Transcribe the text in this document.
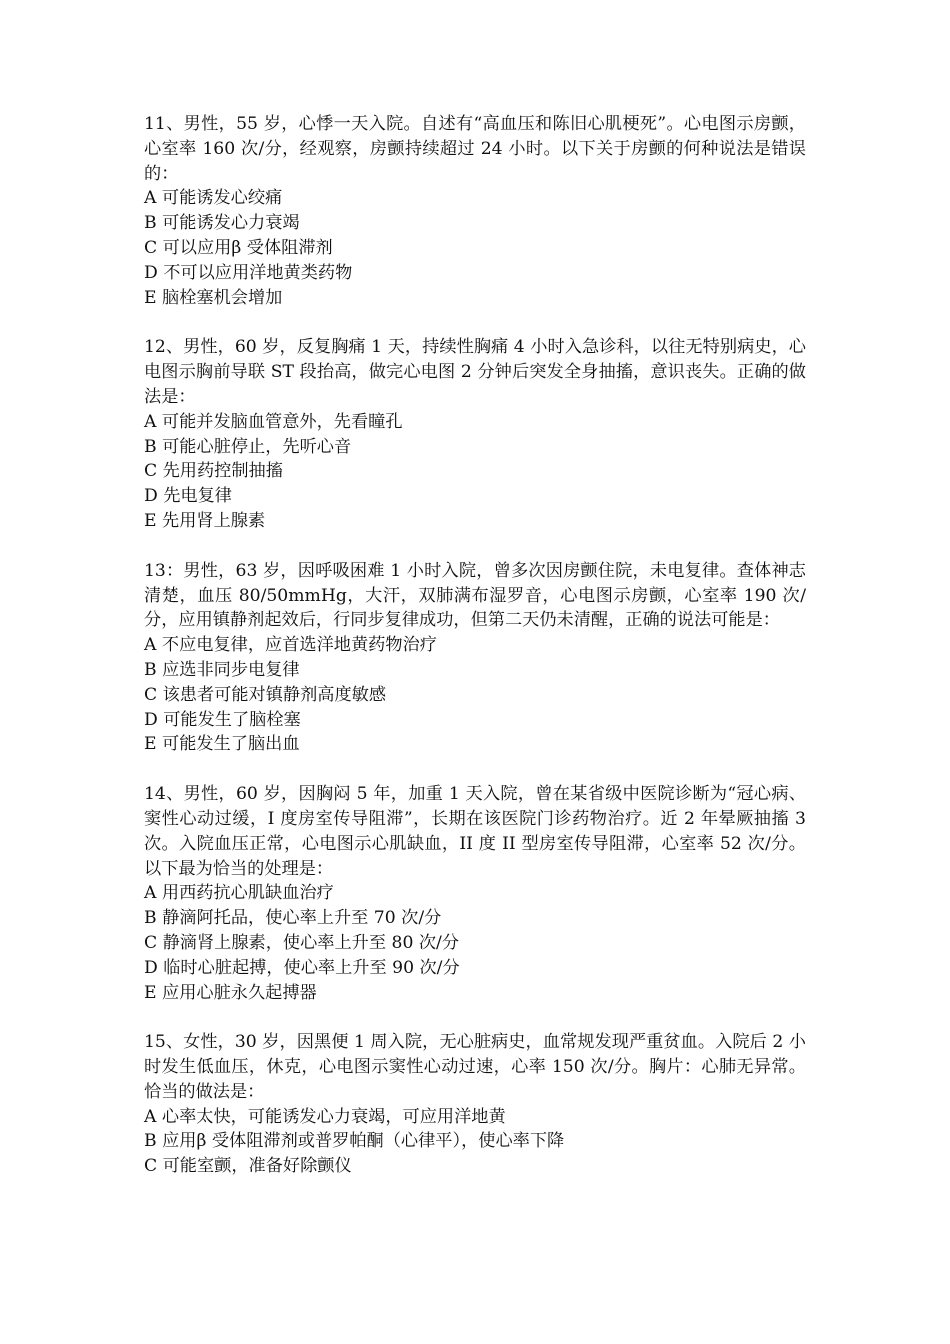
11、男性，55 岁，心悸一天入院。自述有“高血压和陈旧心肌梗死”。心电图示房颤，心室率 160 次/分，经观察，房颤持续超过 24 小时。以下关于房颤的何种说法是错误的：

A 可能诱发心绞痛
B 可能诱发心力衰竭
C 可以应用β 受体阻滞剂
D 不可以应用洋地黄类药物
E 脑栓塞机会增加

12、男性，60 岁，反复胸痛 1 天，持续性胸痛 4 小时入急诊科，以往无特别病史，心电图示胸前导联 ST 段抬高，做完心电图 2 分钟后突发全身抽搐，意识丧失。正确的做法是：

A 可能并发脑血管意外，先看瞳孔
B 可能心脏停止，先听心音
C 先用药控制抽搐
D 先电复律
E 先用肾上腺素

13：男性，63 岁，因呼吸困难 1 小时入院，曾多次因房颤住院，未电复律。查体神志清楚，血压 80/50mmHg，大汗，双肺满布湿罗音，心电图示房颤，心室率 190 次/分，应用镇静剂起效后，行同步复律成功，但第二天仍未清醒，正确的说法可能是：

A 不应电复律，应首选洋地黄药物治疗
B 应选非同步电复律
C 该患者可能对镇静剂高度敏感
D 可能发生了脑栓塞
E 可能发生了脑出血

14、男性，60 岁，因胸闷 5 年，加重 1 天入院，曾在某省级中医院诊断为“冠心病、窦性心动过缓，I 度房室传导阻滞”，长期在该医院门诊药物治疗。近 2 年晕厥抽搐 3 次。入院血压正常，心电图示心肌缺血，II 度 II 型房室传导阻滞，心室率 52 次/分。以下最为恰当的处理是：

A 用西药抗心肌缺血治疗
B 静滴阿托品，使心率上升至 70 次/分
C 静滴肾上腺素，使心率上升至 80 次/分
D 临时心脏起搏，使心率上升至 90 次/分
E 应用心脏永久起搏器

15、女性，30 岁，因黑便 1 周入院，无心脏病史，血常规发现严重贫血。入院后 2 小时发生低血压，休克，心电图示窦性心动过速，心率 150 次/分。胸片：心肺无异常。恰当的做法是：

A 心率太快，可能诱发心力衰竭，可应用洋地黄
B 应用β 受体阻滞剂或普罗帕酮（心律平），使心率下降
C 可能室颤，准备好除颤仪
